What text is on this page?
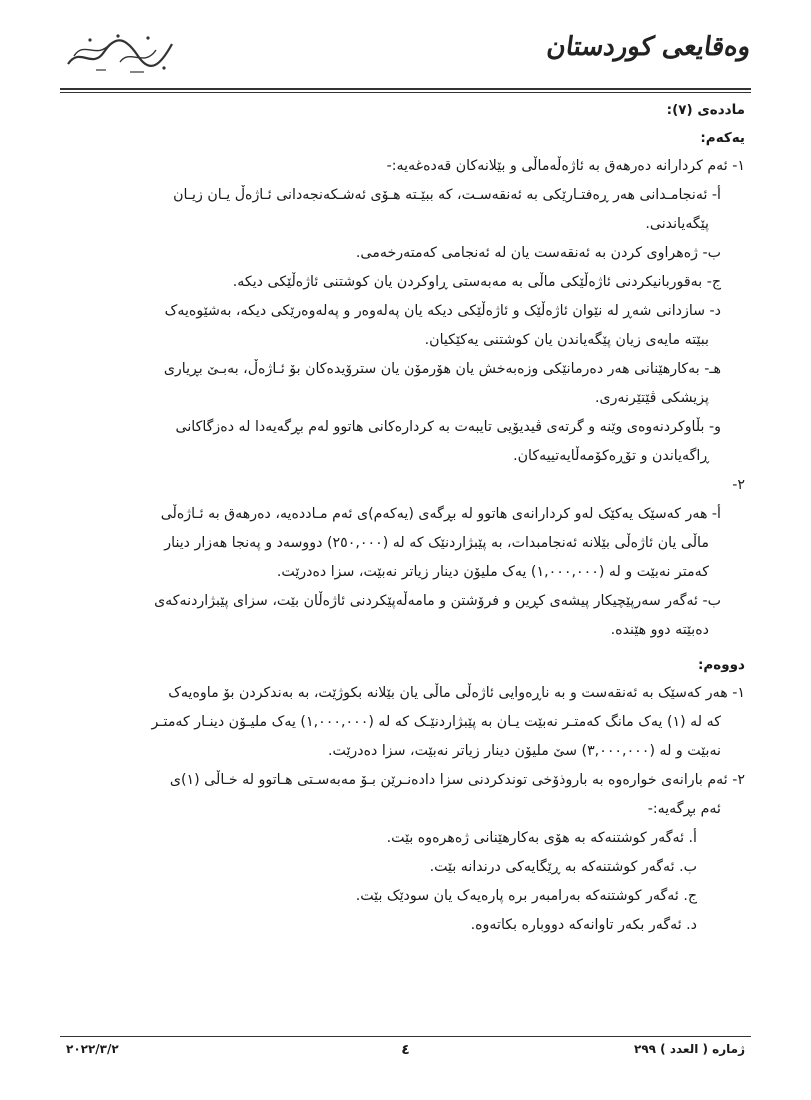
وەقایعی کوردستان

ماددەی (٧):

یەکەم:

١- ئەم کردارانە دەرهەق بە ئاژەڵەماڵی و بێلانەکان قەدەغەیە:-

أ- ئەنجامـدانی هەر ڕەفتـارێکی بە ئەنقەسـت، کە ببێـتە هـۆی ئەشـکەنجەدانی ئـاژەڵ یـان زیـان

پێگەیاندنی.

ب- ژەهراوی کردن بە ئەنقەست یان لە ئەنجامی کەمتەرخەمی.

ج- بەقوربانیکردنی ئاژەڵێکی ماڵی بە مەبەستی ڕاوکردن یان کوشتنی ئاژەڵێکی دیکە.

د- سازدانی شەڕ لە نێوان ئاژەڵێک و ئاژەڵێکی دیکە یان پەلەوەر و پەلەوەرێکی دیکە، بەشێوەیەک

ببێتە مایەی زیان پێگەیاندن یان کوشتنی یەکێکیان.

هـ- بەکارهێنانی هەر دەرمانێکی وزەبەخش یان هۆرمۆن یان سترۆیدەکان بۆ ئـاژەڵ، بەبـێ بڕیاری

پزیشکی ڤێتێرنەری.

و- بڵاوکردنەوەی وێنە و گرتەی ڤیدیۆیی تایبەت بە کردارەکانی هاتوو لەم بڕگەیەدا لە دەزگاکانی

ڕاگەیاندن و تۆڕەکۆمەڵایەتییەکان.

٢-

أ- هەر کەسێک یەکێک لەو کردارانەی هاتوو لە بڕگەی (یەکەم)ی ئەم مـاددەیە، دەرهەق بە ئـاژەڵی

ماڵی یان ئاژەڵی بێلانە ئەنجامبدات، بە پێبژاردنێک کە لە (٢٥٠,٠٠٠) دووسەد و پەنجا هەزار دینار

کەمتر نەبێت و لە (١,٠٠٠,٠٠٠) یەک ملیۆن دینار زیاتر نەبێت، سزا دەدرێت.

ب- ئەگەر سەرپێچیکار پیشەی کڕین و فرۆشتن و مامەڵەپێکردنی ئاژەڵان بێت، سزای پێبژاردنەکەی

دەبێتە دوو هێندە.

دووەم:

١- هەر کەسێک بە ئەنقەست و بە ناڕەوایی ئاژەڵی ماڵی یان بێلانە بکوژێت، بە بەندکردن بۆ ماوەیەک

کە لە (١) یەک مانگ کەمتـر نەبێت یـان بە پێبژاردنێـک کە لە (١,٠٠٠,٠٠٠) یەک ملیـۆن دینـار کەمتـر

نەبێت و لە (٣,٠٠٠,٠٠٠) سێ ملیۆن دینار زیاتر نەبێت، سزا دەدرێت.

٢- ئەم بارانەی خوارەوە بە باروذۆخی توندکردنی سزا دادەنـرێن بـۆ مەبەسـتی هـاتوو لە خـاڵی (١)ی

ئەم بڕگەیە:-

أ. ئەگەر کوشتنەکە بە هۆی بەکارهێنانی ژەهرەوە بێت.

ب. ئەگەر کوشتنەکە بە ڕێگایەکی درندانە بێت.

ج. ئەگەر کوشتنەکە بەرامبەر برە پارەیەک یان سودێک بێت.

د. ئەگەر بکەر تاوانەکە دووبارە بکاتەوە.

ژمارە ( العدد ) ٢٩٩
٤
٢٠٢٢/٣/٢
